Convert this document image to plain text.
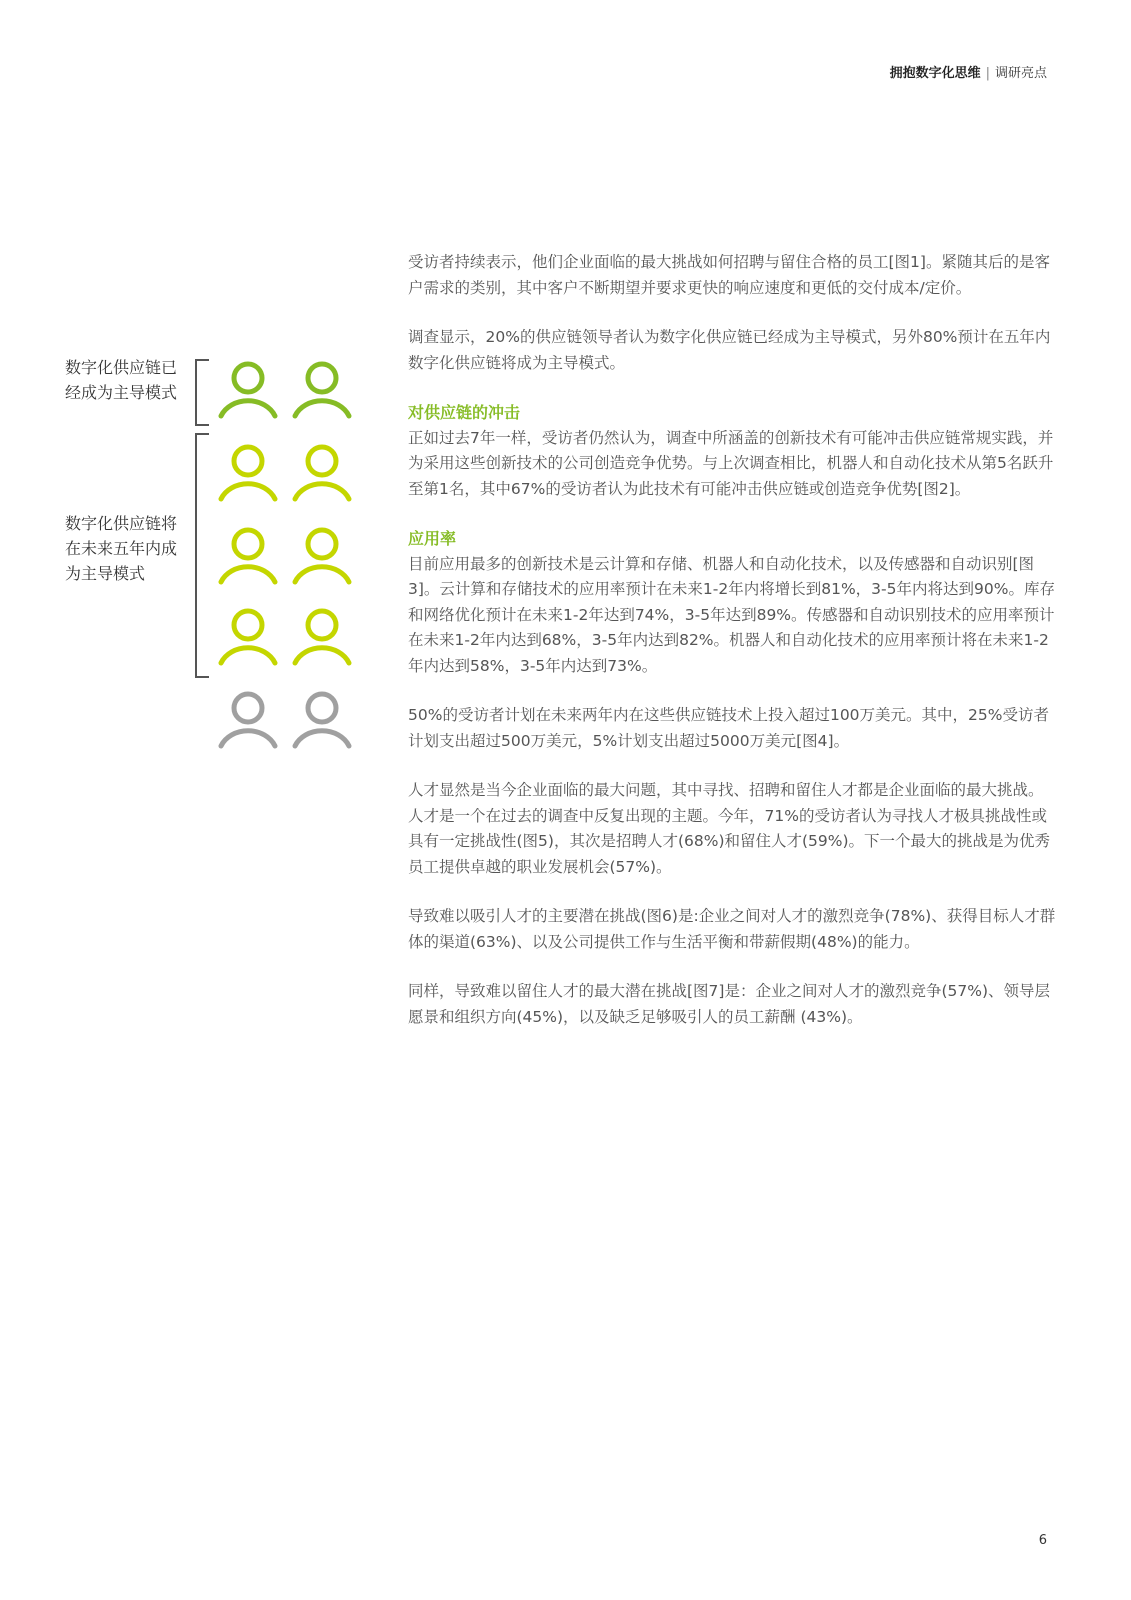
拥抱数字化思维 | 调研亮点
数字化供应链已经成为主导模式
数字化供应链将在未来五年内成为主导模式

受访者持续表示，他们企业面临的最大挑战如何招聘与留住合格的员工[图1]。紧随其后的是客户需求的类别，其中客户不断期望并要求更快的响应速度和更低的交付成本/定价。

调查显示，20%的供应链领导者认为数字化供应链已经成为主导模式，另外80%预计在五年内数字化供应链将成为主导模式。

对供应链的冲击

正如过去7年一样，受访者仍然认为，调查中所涵盖的创新技术有可能冲击供应链常规实践，并为采用这些创新技术的公司创造竞争优势。与上次调查相比，机器人和自动化技术从第5名跃升至第1名，其中67%的受访者认为此技术有可能冲击供应链或创造竞争优势[图2]。

应用率

目前应用最多的创新技术是云计算和存储、机器人和自动化技术，以及传感器和自动识别[图3]。云计算和存储技术的应用率预计在未来1-2年内将增长到81%，3-5年内将达到90%。库存和网络优化预计在未来1-2年达到74%，3-5年达到89%。传感器和自动识别技术的应用率预计在未来1-2年内达到68%，3-5年内达到82%。机器人和自动化技术的应用率预计将在未来1-2年内达到58%，3-5年内达到73%。

50%的受访者计划在未来两年内在这些供应链技术上投入超过100万美元。其中，25%受访者计划支出超过500万美元，5%计划支出超过5000万美元[图4]。

人才显然是当今企业面临的最大问题，其中寻找、招聘和留住人才都是企业面临的最大挑战。人才是一个在过去的调查中反复出现的主题。今年，71%的受访者认为寻找人才极具挑战性或具有一定挑战性(图5)，其次是招聘人才(68%)和留住人才(59%)。下一个最大的挑战是为优秀员工提供卓越的职业发展机会(57%)。

导致难以吸引人才的主要潜在挑战(图6)是:企业之间对人才的激烈竞争(78%)、获得目标人才群体的渠道(63%)、以及公司提供工作与生活平衡和带薪假期(48%)的能力。

同样，导致难以留住人才的最大潜在挑战[图7]是：企业之间对人才的激烈竞争(57%)、领导层愿景和组织方向(45%)，以及缺乏足够吸引人的员工薪酬 (43%)。

6
